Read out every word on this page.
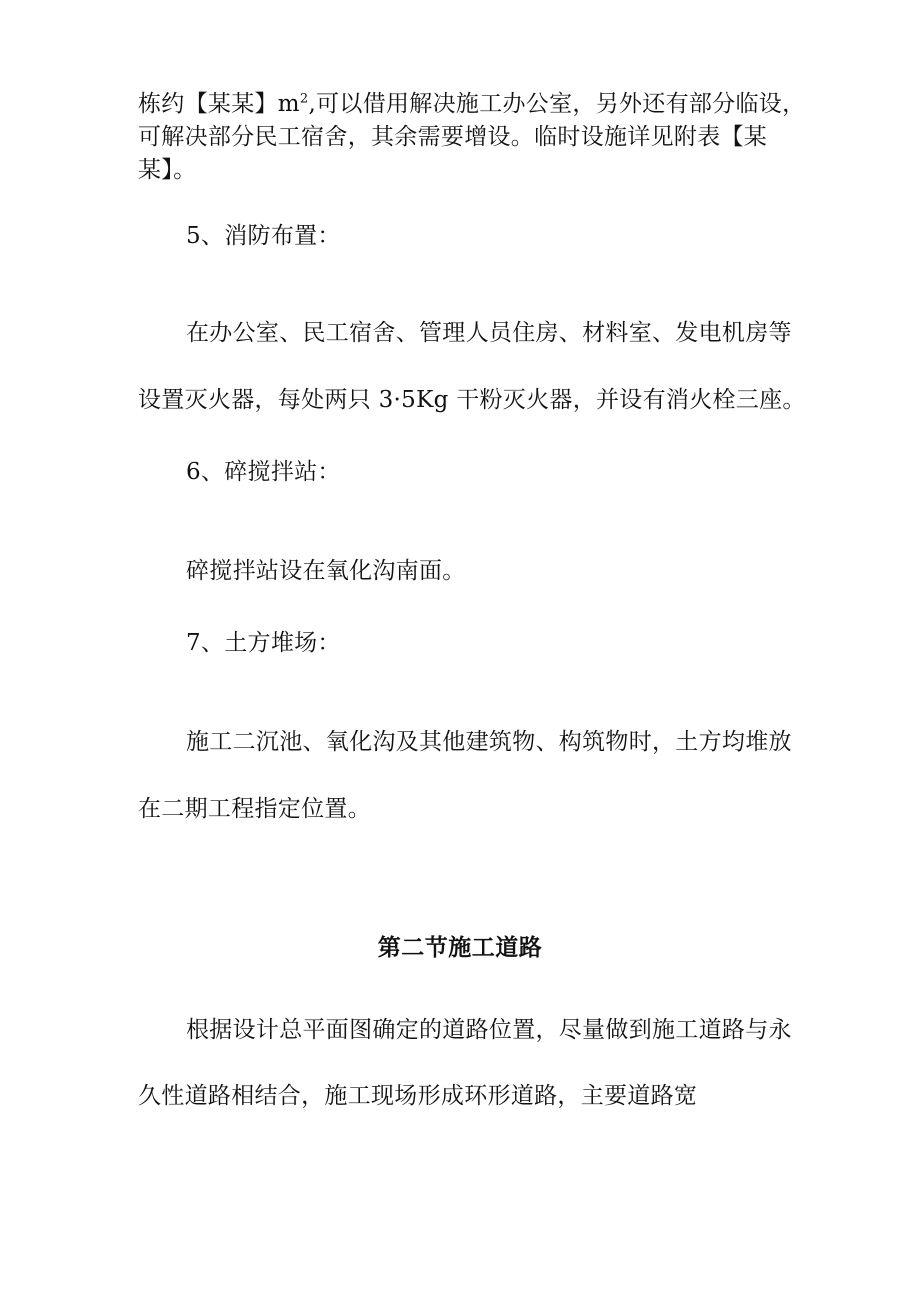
栋约【某某】$m^2$,可以借用解决施工办公室，另外还有部分临设，

可解决部分民工宿舍，其余需要增设。临时设施详见附表【某

某】。

5、消防布置：

在办公室、民工宿舍、管理人员住房、材料室、发电机房等

设置灭火器，每处两只 3·5Kg 干粉灭火器，并设有消火栓三座。

6、碎搅拌站：

碎搅拌站设在氧化沟南面。

7、土方堆场：

施工二沉池、氧化沟及其他建筑物、构筑物时，土方均堆放

在二期工程指定位置。

第二节施工道路

根据设计总平面图确定的道路位置，尽量做到施工道路与永

久性道路相结合，施工现场形成环形道路，主要道路宽
